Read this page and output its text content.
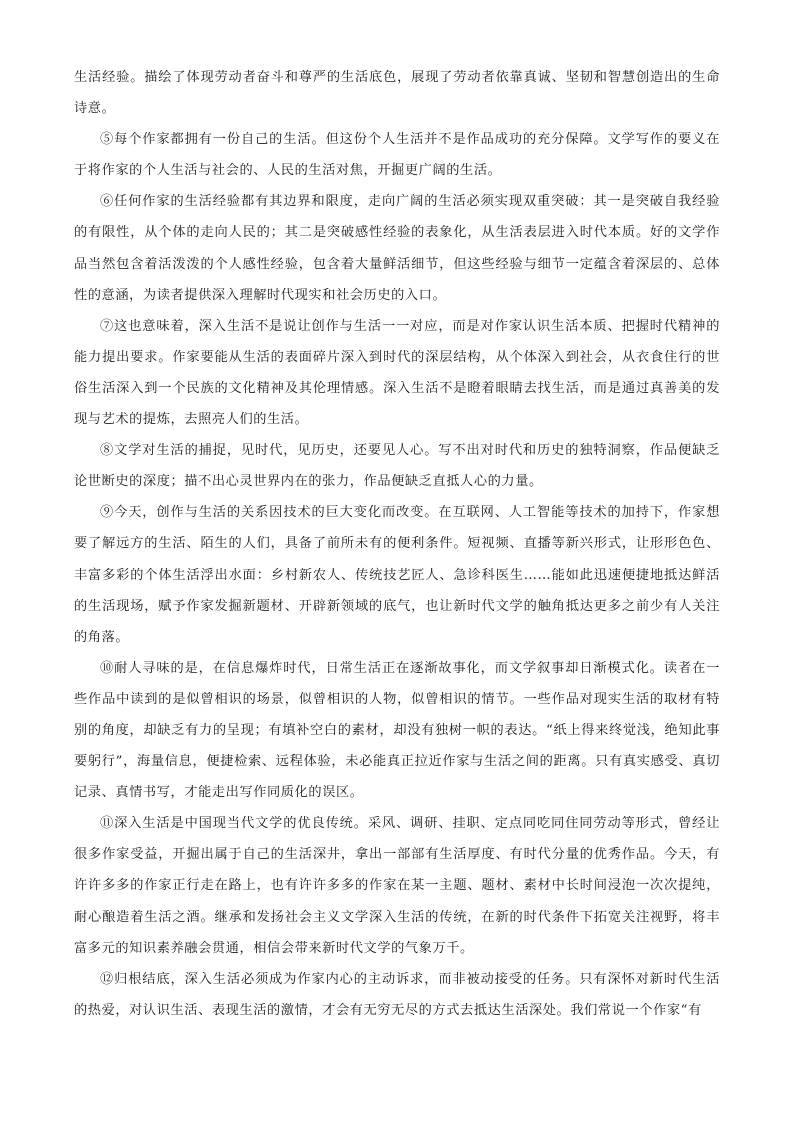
生活经验。描绘了体现劳动者奋斗和尊严的生活底色，展现了劳动者依靠真诚、坚韧和智慧创造出的生命诗意。

⑤每个作家都拥有一份自己的生活。但这份个人生活并不是作品成功的充分保障。文学写作的要义在于将作家的个人生活与社会的、人民的生活对焦，开掘更广阔的生活。

⑥任何作家的生活经验都有其边界和限度，走向广阔的生活必须实现双重突破：其一是突破自我经验的有限性，从个体的走向人民的；其二是突破感性经验的表象化，从生活表层进入时代本质。好的文学作品当然包含着活泼泼的个人感性经验，包含着大量鲜活细节，但这些经验与细节一定蕴含着深层的、总体性的意涵，为读者提供深入理解时代现实和社会历史的入口。

⑦这也意味着，深入生活不是说让创作与生活一一对应，而是对作家认识生活本质、把握时代精神的能力提出要求。作家要能从生活的表面碎片深入到时代的深层结构，从个体深入到社会，从衣食住行的世俗生活深入到一个民族的文化精神及其伦理情感。深入生活不是瞪着眼睛去找生活，而是通过真善美的发现与艺术的提炼，去照亮人们的生活。

⑧文学对生活的捕捉，见时代，见历史，还要见人心。写不出对时代和历史的独特洞察，作品便缺乏论世断史的深度；描不出心灵世界内在的张力，作品便缺乏直抵人心的力量。

⑨今天，创作与生活的关系因技术的巨大变化而改变。在互联网、人工智能等技术的加持下，作家想要了解远方的生活、陌生的人们，具备了前所未有的便利条件。短视频、直播等新兴形式，让形形色色、丰富多彩的个体生活浮出水面：乡村新农人、传统技艺匠人、急诊科医生……能如此迅速便捷地抵达鲜活的生活现场，赋予作家发掘新题材、开辟新领域的底气，也让新时代文学的触角抵达更多之前少有人关注的角落。

⑩耐人寻味的是，在信息爆炸时代，日常生活正在逐渐故事化，而文学叙事却日渐模式化。读者在一些作品中读到的是似曾相识的场景，似曾相识的人物，似曾相识的情节。一些作品对现实生活的取材有特别的角度，却缺乏有力的呈现；有填补空白的素材，却没有独树一帜的表达。“纸上得来终觉浅，绝知此事要躬行”，海量信息，便捷检索、远程体验，未必能真正拉近作家与生活之间的距离。只有真实感受、真切记录、真情书写，才能走出写作同质化的误区。

⑪深入生活是中国现当代文学的优良传统。采风、调研、挂职、定点同吃同住同劳动等形式，曾经让很多作家受益，开掘出属于自己的生活深井，拿出一部部有生活厚度、有时代分量的优秀作品。今天，有许许多多的作家正行走在路上，也有许许多多的作家在某一主题、题材、素材中长时间浸泡一次次提纯，耐心酿造着生活之酒。继承和发扬社会主义文学深入生活的传统，在新的时代条件下拓宽关注视野，将丰富多元的知识素养融会贯通，相信会带来新时代文学的气象万千。

⑫归根结底，深入生活必须成为作家内心的主动诉求，而非被动接受的任务。只有深怀对新时代生活的热爱，对认识生活、表现生活的激情，才会有无穷无尽的方式去抵达生活深处。我们常说一个作家“有
